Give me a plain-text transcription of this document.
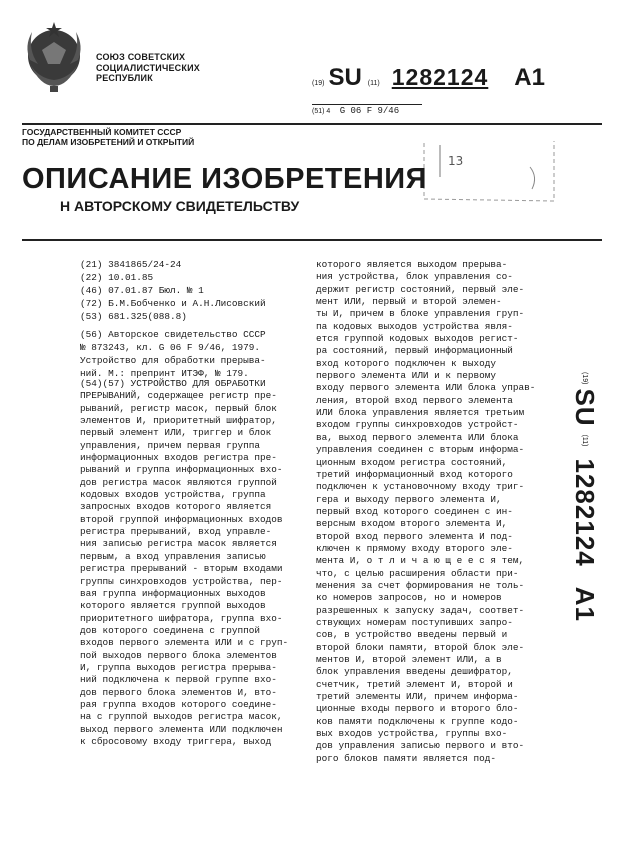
СОЮЗ СОВЕТСКИХ
СОЦИАЛИСТИЧЕСКИХ
РЕСПУБЛИК
(19) SU (11) 1282124 A1
(51) 4 G 06 F 9/46
ГОСУДАРСТВЕННЫЙ КОМИТЕТ СССР
ПО ДЕЛАМ ИЗОБРЕТЕНИЙ И ОТКРЫТИЙ
13
ОПИСАНИЕ ИЗОБРЕТЕНИЯ
Н АВТОРСКОМУ СВИДЕТЕЛЬСТВУ
(21) 3841865/24-24
(22) 10.01.85
(46) 07.01.87 Бюл. № 1
(72) Б.М.Бобченко и А.Н.Лисовский
(53) 681.325(088.8)
(56) Авторское свидетельство СССР
№ 873243, кл. G 06 F 9/46, 1979.
Устройство для обработки прерыва-
ний. М.: препринт ИТЭФ, № 179.
(54)(57) УСТРОЙСТВО ДЛЯ ОБРАБОТКИ
ПРЕРЫВАНИЙ, содержащее регистр пре-
рываний, регистр масок, первый блок
элементов И, приоритетный шифратор,
первый элемент ИЛИ, триггер и блок
управления, причем первая группа
информационных входов регистра пре-
рываний и группа информационных вхо-
дов регистра масок являются группой
кодовых входов устройства, группа
запросных входов которого является
второй группой информационных входов
регистра прерываний, вход управле-
ния записью регистра масок является
первым, а вход управления записью
регистра прерываний - вторым входами
группы синхровходов устройства, пер-
вая группа информационных выходов
которого является группой выходов
приоритетного шифратора, группа вхо-
дов которого соединена с группой
входов первого элемента ИЛИ и с груп-
пой выходов первого блока элементов
И, группа выходов регистра прерыва-
ний подключена к первой группе вхо-
дов первого блока элементов И, вто-
рая группа входов которого соедине-
на с группой выходов регистра масок,
выход первого элемента ИЛИ подключен
к сбросовому входу триггера, выход
которого является выходом прерыва-
ния устройства, блок управления со-
держит регистр состояний, первый эле-
мент ИЛИ, первый и второй элемен-
ты И, причем в блоке управления груп-
па кодовых выходов устройства явля-
ется группой кодовых выходов регист-
ра состояний, первый информационный
вход которого подключен к выходу
первого элемента ИЛИ и к первому
входу первого элемента ИЛИ блока управ-
ления, второй вход первого элемента
ИЛИ блока управления является третьим
входом группы синхровходов устройст-
ва, выход первого элемента ИЛИ блока
управления соединен с вторым информа-
ционным входом регистра состояний,
третий информационный вход которого
подключен к установочному входу триг-
гера и выходу первого элемента И,
первый вход которого соединен с ин-
версным входом второго элемента И,
второй вход первого элемента И под-
ключен к прямому входу второго эле-
мента И, о т л и ч а ю щ е е с я тем,
что, с целью расширения области при-
менения за счет формирования не толь-
ко номеров запросов, но и номеров
разрешенных к запуску задач, соответ-
ствующих номерам поступивших запро-
сов, в устройство введены первый и
второй блоки памяти, второй блок эле-
ментов И, второй элемент ИЛИ, а в
блок управления введены дешифратор,
счетчик, третий элемент И, второй и
третий элементы ИЛИ, причем информа-
ционные входы первого и второго бло-
ков памяти подключены к группе кодо-
вых входов устройства, группы вхо-
дов управления записью первого и вто-
рого блоков памяти является под-
(19) SU (11) 1282124 A1
